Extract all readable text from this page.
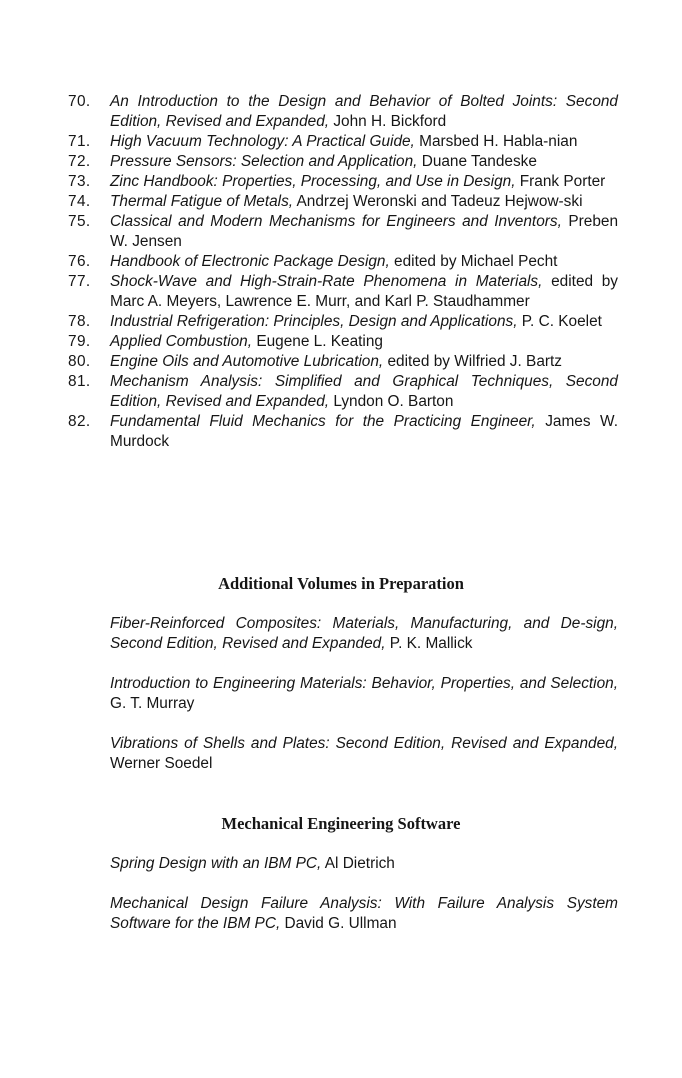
70.	An Introduction to the Design and Behavior of Bolted Joints: Second Edition, Revised and Expanded, John H. Bickford
71.	High Vacuum Technology: A Practical Guide, Marsbed H. Habla-nian
72.	Pressure Sensors: Selection and Application, Duane Tandeske
73.	Zinc Handbook: Properties, Processing, and Use in Design, Frank Porter
74.	Thermal Fatigue of Metals, Andrzej Weronski and Tadeuz Hejwow-ski
75.	Classical and Modern Mechanisms for Engineers and Inventors, Preben W. Jensen
76.	Handbook of Electronic Package Design, edited by Michael Pecht
77.	Shock-Wave and High-Strain-Rate Phenomena in Materials, edited by Marc A. Meyers, Lawrence E. Murr, and Karl P. Staudhammer
78.	Industrial Refrigeration: Principles, Design and Applications, P. C. Koelet
79.	Applied Combustion, Eugene L. Keating
80.	Engine Oils and Automotive Lubrication, edited by Wilfried J. Bartz
81.	Mechanism Analysis: Simplified and Graphical Techniques, Second Edition, Revised and Expanded, Lyndon O. Barton
82.	Fundamental Fluid Mechanics for the Practicing Engineer, James W. Murdock
Additional Volumes in Preparation

Fiber-Reinforced Composites: Materials, Manufacturing, and De-sign, Second Edition, Revised and Expanded, P. K. Mallick

Introduction to Engineering Materials: Behavior, Properties, and Selection, G. T. Murray

Vibrations of Shells and Plates: Second Edition, Revised and Expanded, Werner Soedel

Mechanical Engineering Software

Spring Design with an IBM PC, Al Dietrich

Mechanical Design Failure Analysis: With Failure Analysis System Software for the IBM PC, David G. Ullman
